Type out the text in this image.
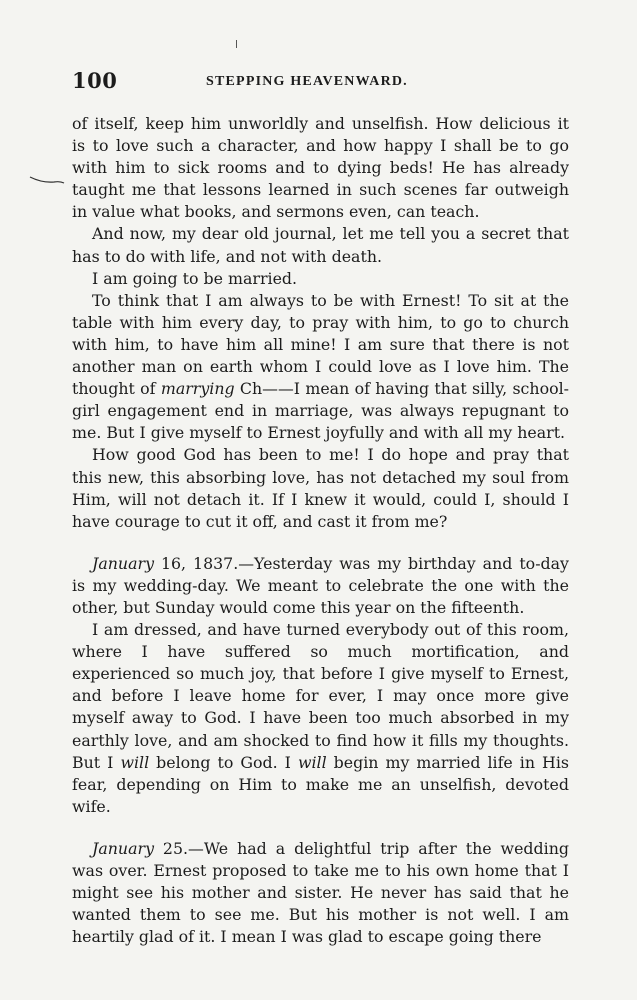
100	STEPPING HEAVENWARD.

of itself, keep him unworldly and unselfish. How delicious it is to love such a character, and how happy I shall be to go with him to sick rooms and to dying beds! He has already taught me that lessons learned in such scenes far outweigh in value what books, and sermons even, can teach.

And now, my dear old journal, let me tell you a secret that has to do with life, and not with death.

I am going to be married.

To think that I am always to be with Ernest! To sit at the table with him every day, to pray with him, to go to church with him, to have him all mine! I am sure that there is not another man on earth whom I could love as I love him. The thought of marrying Ch——I mean of having that silly, school-girl engagement end in marriage, was always repugnant to me. But I give myself to Ernest joyfully and with all my heart.

How good God has been to me! I do hope and pray that this new, this absorbing love, has not detached my soul from Him, will not detach it. If I knew it would, could I, should I have courage to cut it off, and cast it from me?

January 16, 1837.—Yesterday was my birthday and to-day is my wedding-day. We meant to celebrate the one with the other, but Sunday would come this year on the fifteenth.

I am dressed, and have turned everybody out of this room, where I have suffered so much mortification, and experienced so much joy, that before I give myself to Ernest, and before I leave home for ever, I may once more give myself away to God. I have been too much absorbed in my earthly love, and am shocked to find how it fills my thoughts. But I will belong to God. I will begin my married life in His fear, depending on Him to make me an unselfish, devoted wife.

January 25.—We had a delightful trip after the wedding was over. Ernest proposed to take me to his own home that I might see his mother and sister. He never has said that he wanted them to see me. But his mother is not well. I am heartily glad of it. I mean I was glad to escape going there
